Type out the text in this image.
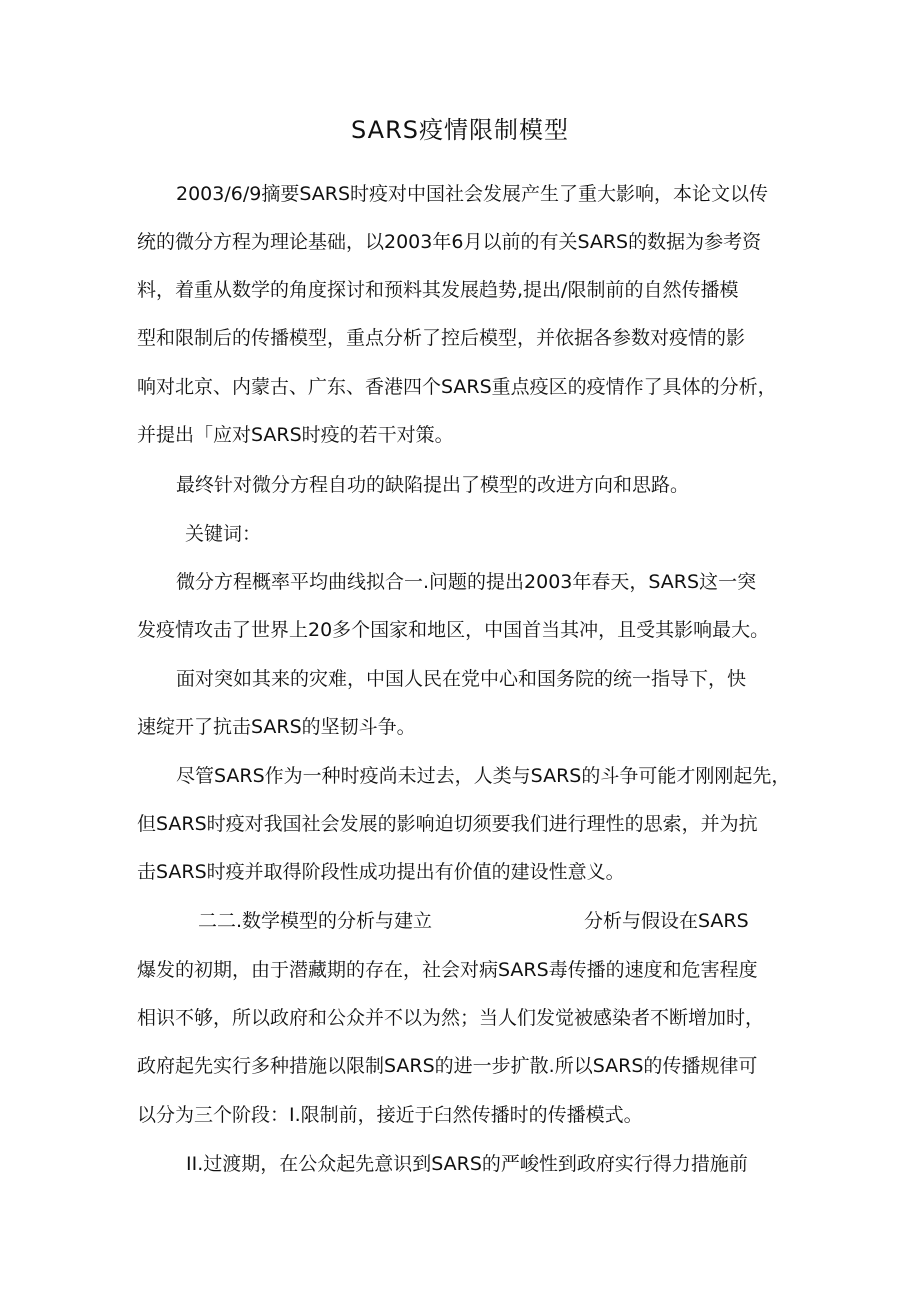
SARS疫情限制模型
2003/6/9摘要SARS时疫对中国社会发展产生了重大影响，本论文以传
统的微分方程为理论基础，以2003年6月以前的有关SARS的数据为参考资
料，着重从数学的角度探讨和预料其发展趋势,提出/限制前的自然传播模
型和限制后的传播模型，重点分析了控后模型，并依据各参数对疫情的影
响对北京、内蒙古、广东、香港四个SARS重点疫区的疫情作了具体的分析，
并提出「应对SARS时疫的若干对策。
最终针对微分方程自功的缺陷提出了模型的改进方向和思路。
关键词：
微分方程概率平均曲线拟合一.问题的提出2003年春天，SARS这一突
发疫情攻击了世界上20多个国家和地区，中国首当其冲，且受其影响最大。
面对突如其来的灾难，中国人民在党中心和国务院的统一指导下，快
速绽开了抗击SARS的坚韧斗争。
尽管SARS作为一种时疫尚未过去，人类与SARS的斗争可能才刚刚起先，
但SARS时疫对我国社会发展的影响迫切须要我们进行理性的思索，并为抗
击SARS时疫并取得阶段性成功提出有价值的建设性意义。
二二.数学模型的分析与建立	分析与假设在SARS
爆发的初期，由于潜藏期的存在，社会对病SARS毒传播的速度和危害程度
相识不够，所以政府和公众并不以为然；当人们发觉被感染者不断增加时，
政府起先实行多种措施以限制SARS的进一步扩散.所以SARS的传播规律可
以分为三个阶段：I.限制前，接近于臼然传播时的传播模式。
II.过渡期，在公众起先意识到SARS的严峻性到政府实行得力措施前
